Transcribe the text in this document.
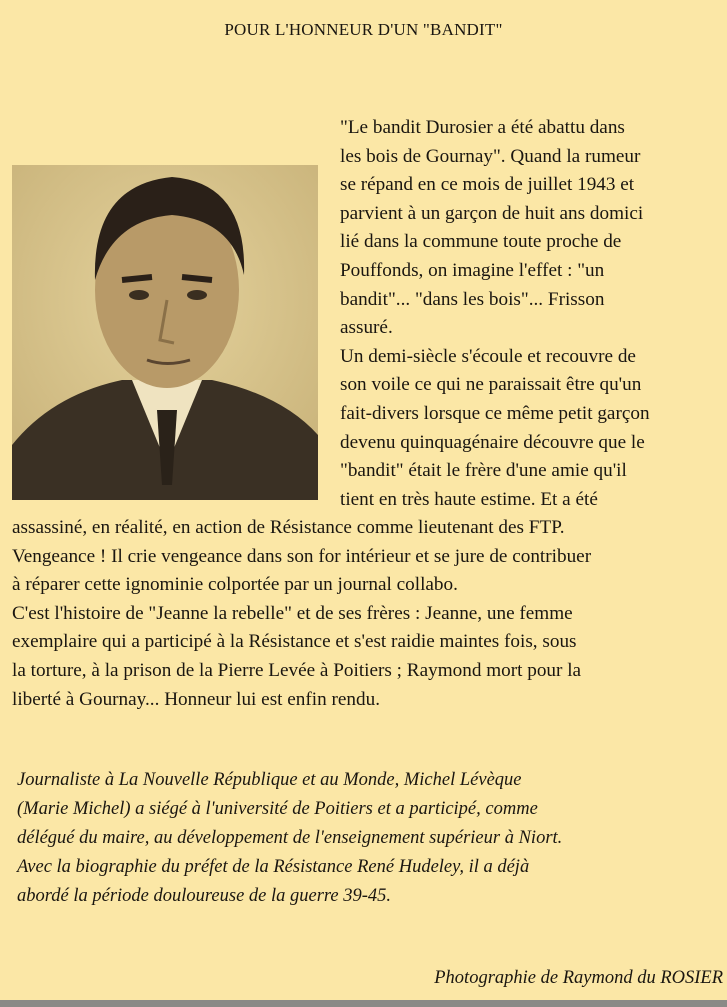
POUR L'HONNEUR D'UN "BANDIT"
"Le bandit Durosier a été abattu dans
les bois de Gournay". Quand la rumeur
se répand en ce mois de juillet 1943 et
parvient à un garçon de huit ans domici
lié dans la commune toute proche de
Pouffonds, on imagine l'effet : "un
bandit"... "dans les bois"... Frisson
assuré.
Un demi-siècle s'écoule et recouvre de
son voile ce qui ne paraissait être qu'un
fait-divers lorsque ce même petit garçon
devenu quinquagénaire découvre que le
"bandit" était le frère d'une amie qu'il
tient en très haute estime. Et a été
assassiné, en réalité, en action de Résistance comme lieutenant des FTP.
Vengeance ! Il crie vengeance dans son for intérieur et se jure de contribuer
à réparer cette ignominie colportée par un journal collabo.
C'est l'histoire de "Jeanne la rebelle" et de ses frères : Jeanne, une femme
exemplaire qui a participé à la Résistance et s'est raidie maintes fois, sous
la torture, à la prison de la Pierre Levée à Poitiers ; Raymond mort pour la
liberté à Gournay... Honneur lui est enfin rendu.
Journaliste à La Nouvelle République et au Monde, Michel Lévèque
(Marie Michel) a siégé à l'université de Poitiers et a participé, comme
délégué du maire, au développement de l'enseignement supérieur à Niort.
Avec la biographie du préfet de la Résistance René Hudeley, il a déjà
abordé la période douloureuse de la guerre 39-45.
Photographie de Raymond du ROSIER
